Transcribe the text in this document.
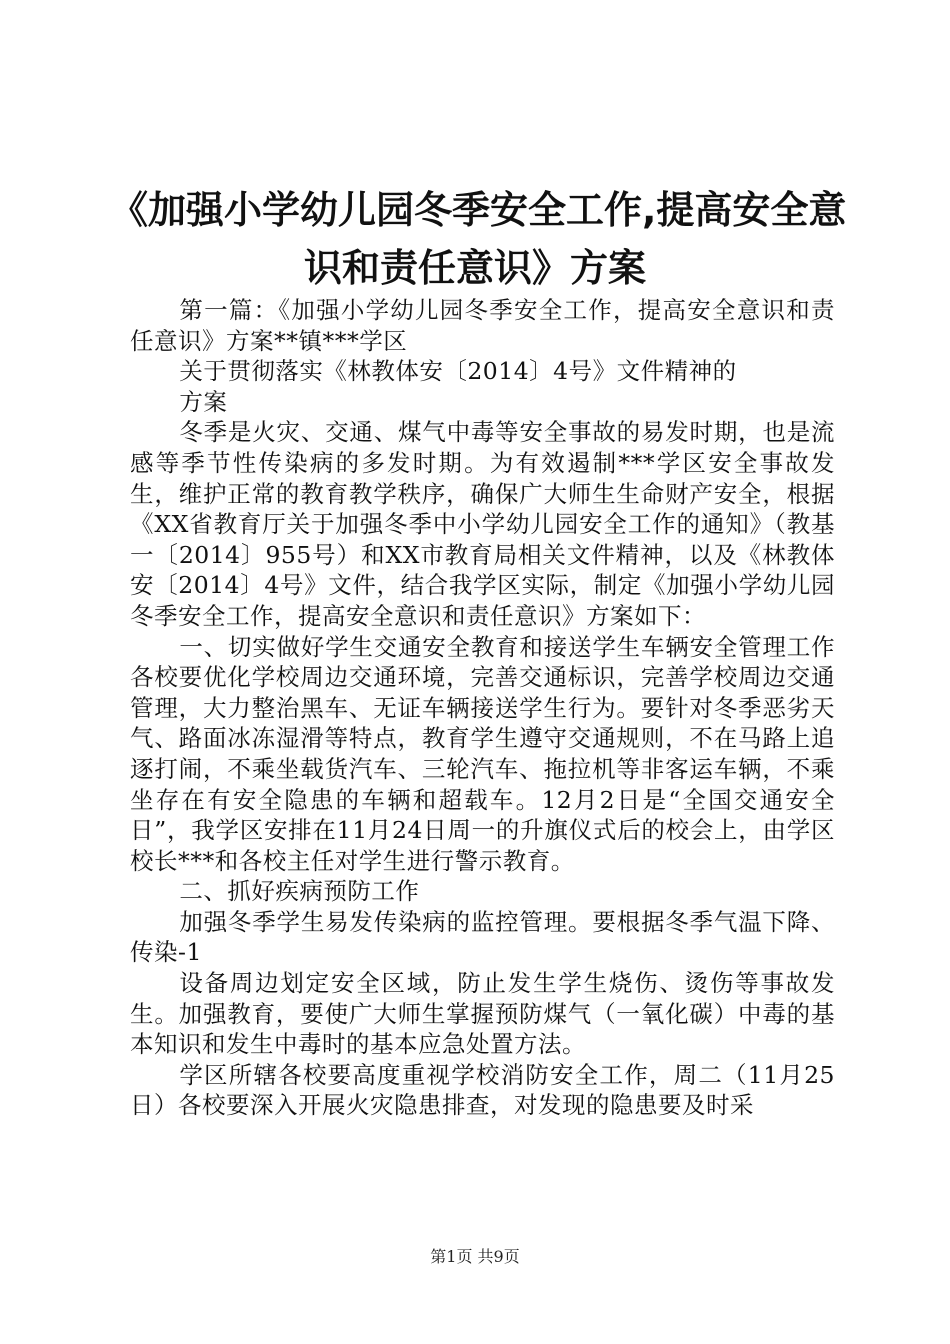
《加强小学幼儿园冬季安全工作,提高安全意
识和责任意识》方案

第一篇：《加强小学幼儿园冬季安全工作，提高安全意识和责任意识》方案**镇***学区

关于贯彻落实《林教体安〔2014〕4号》文件精神的

方案

冬季是火灾、交通、煤气中毒等安全事故的易发时期，也是流感等季节性传染病的多发时期。为有效遏制***学区安全事故发生，维护正常的教育教学秩序，确保广大师生生命财产安全，根据《XX省教育厅关于加强冬季中小学幼儿园安全工作的通知》（教基一〔2014〕955号）和XX市教育局相关文件精神，以及《林教体安〔2014〕4号》文件，结合我学区实际，制定《加强小学幼儿园冬季安全工作，提高安全意识和责任意识》方案如下：

一、切实做好学生交通安全教育和接送学生车辆安全管理工作各校要优化学校周边交通环境，完善交通标识，完善学校周边交通管理，大力整治黑车、无证车辆接送学生行为。要针对冬季恶劣天气、路面冰冻湿滑等特点，教育学生遵守交通规则，不在马路上追逐打闹，不乘坐载货汽车、三轮汽车、拖拉机等非客运车辆，不乘坐存在有安全隐患的车辆和超载车。12月2日是“全国交通安全日”，我学区安排在11月24日周一的升旗仪式后的校会上，由学区校长***和各校主任对学生进行警示教育。

二、抓好疾病预防工作

加强冬季学生易发传染病的监控管理。要根据冬季气温下降、传染-1

设备周边划定安全区域，防止发生学生烧伤、烫伤等事故发生。加强教育，要使广大师生掌握预防煤气（一氧化碳）中毒的基本知识和发生中毒时的基本应急处置方法。

学区所辖各校要高度重视学校消防安全工作，周二（11月25日）各校要深入开展火灾隐患排查，对发现的隐患要及时采

第1页 共9页
